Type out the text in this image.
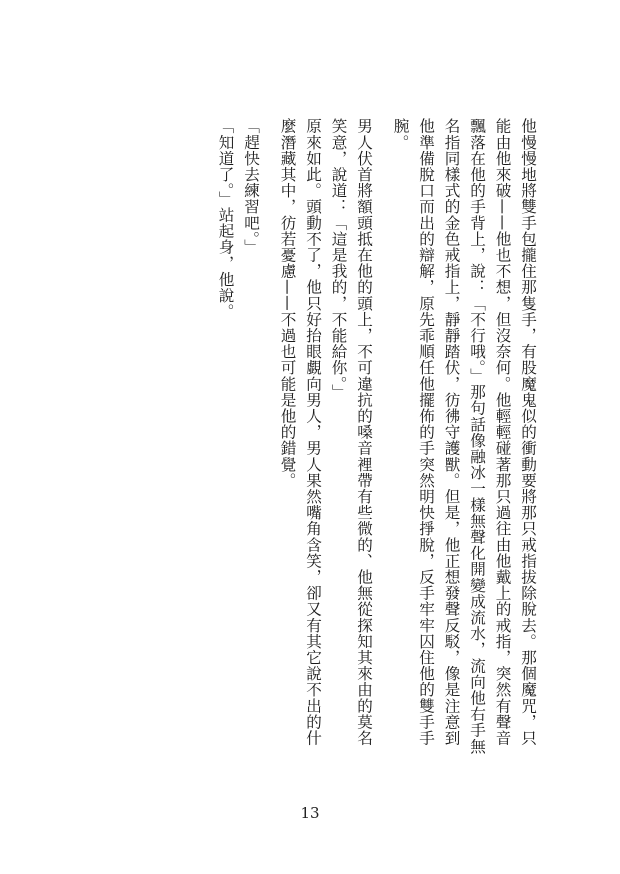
他慢慢地將雙手包攏住那隻手，有股魔鬼似的衝動要將那只戒指拔除脫去。那個魔咒，只能由他來破——他也不想，但沒奈何。他輕輕碰著那只過往由他戴上的戒指，突然有聲音飄落在他的手背上，說：「不行哦。」那句話像融冰一樣無聲化開變成流水，流向他右手無名指同樣式的金色戒指上，靜靜踏伏，彷彿守護獸。但是，他正想發聲反駁，像是注意到他準備脫口而出的辯解，原先乖順任他擺佈的手突然明快掙脫，反手牢牢囚住他的雙手手腕。

男人伏首將額頭抵在他的頭上，不可違抗的嗓音裡帶有些微的、他無從探知其來由的莫名笑意，說道：「這是我的，不能給你。」

原來如此。頭動不了，他只好抬眼覷向男人，男人果然嘴角含笑，卻又有其它說不出的什麼潛藏其中，彷若憂慮——不過也可能是他的錯覺。

「趕快去練習吧。」

「知道了。」站起身，他說。

13
